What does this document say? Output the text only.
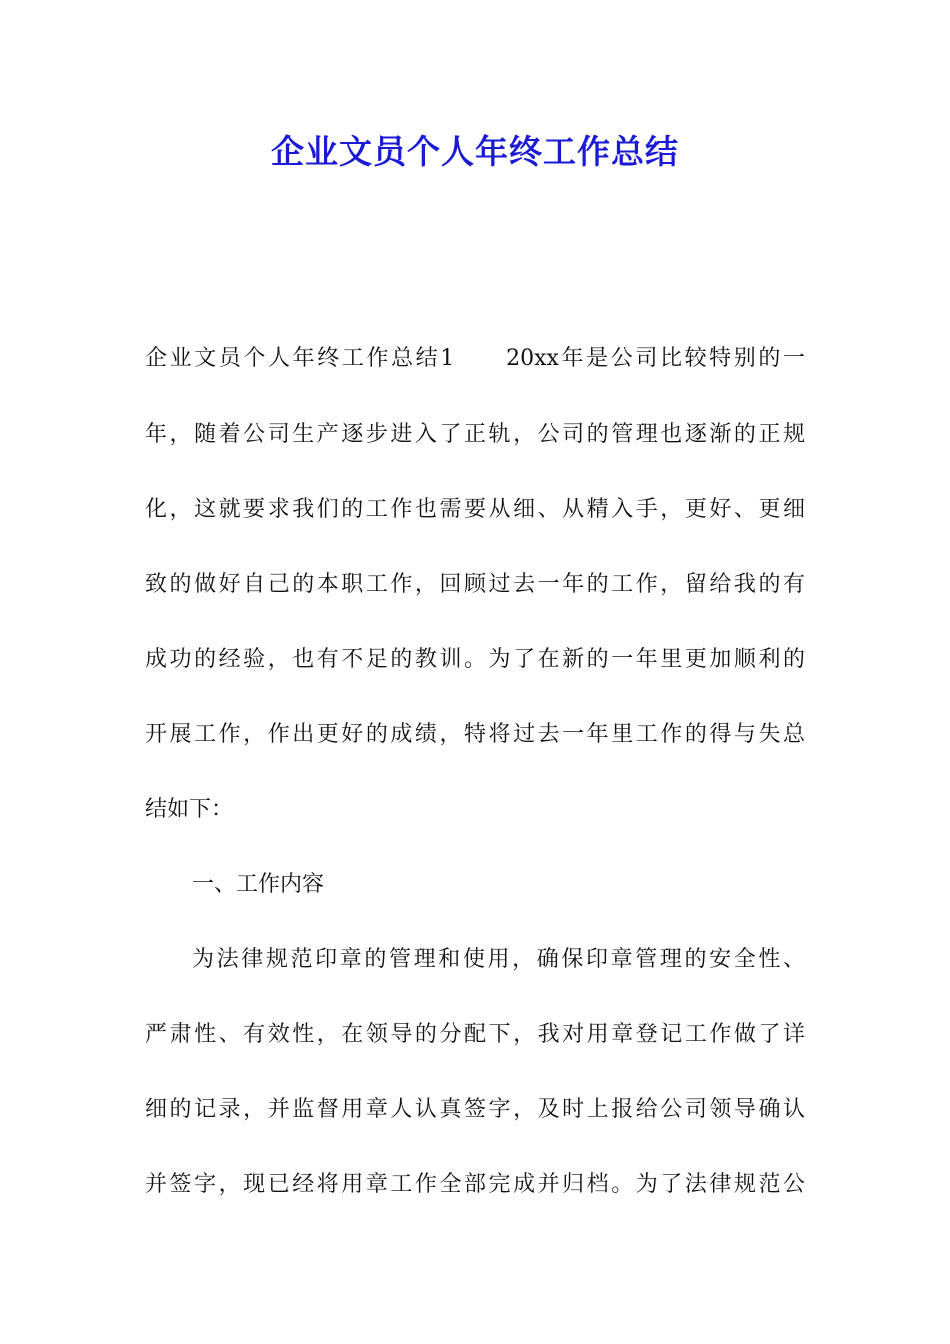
企业文员个人年终工作总结
企业文员个人年终工作总结1　　20xx年是公司比较特别的一
年，随着公司生产逐步进入了正轨，公司的管理也逐渐的正规
化，这就要求我们的工作也需要从细、从精入手，更好、更细
致的做好自己的本职工作，回顾过去一年的工作，留给我的有
成功的经验，也有不足的教训。为了在新的一年里更加顺利的
开展工作，作出更好的成绩，特将过去一年里工作的得与失总
结如下：
一、工作内容
为法律规范印章的管理和使用，确保印章管理的安全性、
严肃性、有效性，在领导的分配下，我对用章登记工作做了详
细的记录，并监督用章人认真签字，及时上报给公司领导确认
并签字，现已经将用章工作全部完成并归档。为了法律规范公
